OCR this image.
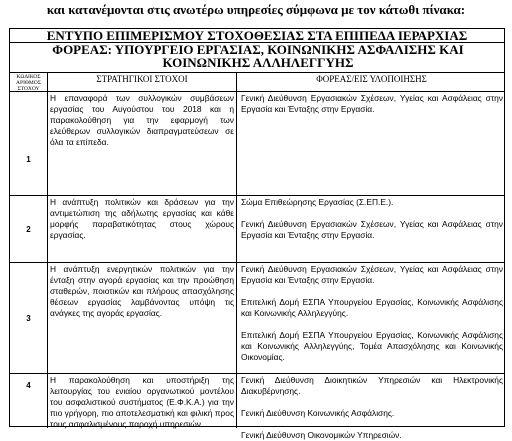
και κατανέμονται στις ανωτέρω υπηρεσίες σύμφωνα με τον κάτωθι πίνακα:
ΕΝΤΥΠΟ ΕΠΙΜΕΡΙΣΜΟΥ ΣΤΟΧΟΘΕΣΙΑΣ ΣΤΑ ΕΠΙΠΕΔΑ ΙΕΡΑΡΧΙΑΣ
ΦΟΡΕΑΣ: ΥΠΟΥΡΓΕΙΟ ΕΡΓΑΣΙΑΣ, ΚΟΙΝΩΝΙΚΗΣ ΑΣΦΑΛΙΣΗΣ ΚΑΙ ΚΟΙΝΩΝΙΚΗΣ ΑΛΛΗΛΕΓΓΥΗΣ
ΚΩΔΙΚΟΣ ΑΡΙΘΜΟΣ ΣΤΟΧΟΥ
ΣΤΡΑΤΗΓΙΚΟΙ ΣΤΟΧΟΙ	ΦΟΡΕΑΣ/ΕΙΣ ΥΛΟΠΟΙΗΣΗΣ
1
Η επαναφορά των συλλογικών συμβάσεων εργασίας του Αυγούστου του 2018 και η παρακολούθηση για την εφαρμογή των ελεύθερων συλλογικών διαπραγματεύσεων σε όλα τα επίπεδα.

Γενική Διεύθυνση Εργασιακών Σχέσεων, Υγείας και Ασφάλειας στην Εργασία και Ένταξης στην Εργασία.

2
Η ανάπτυξη πολιτικών και δράσεων για την αντιμετώπιση της αδήλωτης εργασίας και κάθε μορφής παραβατικότητας στους χώρους εργασίας.

Σώμα Επιθεώρησης Εργασίας (Σ.ΕΠ.Ε.).

Γενική Διεύθυνση Εργασιακών Σχέσεων, Υγείας και Ασφάλειας στην Εργασία και Ένταξης στην Εργασία.

3
Η ανάπτυξη ενεργητικών πολιτικών για την ένταξη στην αγορά εργασίας και την προώθηση σταθερών, ποιοτικών και πλήρους απασχόλησης θέσεων εργασίας λαμβάνοντας υπόψη τις ανάγκες της αγοράς εργασίας.

Γενική Διεύθυνση Εργασιακών Σχέσεων, Υγείας και Ασφάλειας στην Εργασία και Ένταξης στην Εργασία.

Επιτελική Δομή ΕΣΠΑ Υπουργείου Εργασίας, Κοινωνικής Ασφάλισης και Κοινωνικής Αλληλεγγύης.

Επιτελική Δομή ΕΣΠΑ Υπουργείου Εργασίας, Κοινωνικής Ασφάλισης και Κοινωνικής Αλληλεγγύης, Τομέα Απασχόλησης και Κοινωνικής Οικονομίας.

4
Η παρακολούθηση και υποστήριξη της λειτουργίας του ενιαίου οργανωτικού μοντέλου του ασφαλιστικού συστήματος (Ε.Φ.Κ.Α.) για την πιο γρήγορη, πιο αποτελεσματική και φιλική προς τους ασφαλισμένους παροχή υπηρεσιών.

Γενική Διεύθυνση Διοικητικών Υπηρεσιών και Ηλεκτρονικής Διακυβέρνησης.

Γενική Διεύθυνση Κοινωνικής Ασφάλισης.

Γενική Διεύθυνση Οικονομικών Υπηρεσιών.
